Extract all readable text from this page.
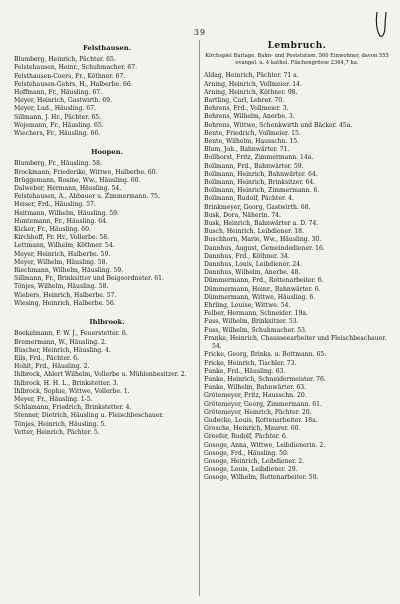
39
Felsthausen.
Blumberg, Heinrich, Pächter. 65.
Felstehausen, Heinr., Schuhmacher. 67.
Felsthausen-Coers, Fr., Köthner. 67.
Felstehausen-Gehrs, H., Halberbe. 66.
Hoffmann, Fr., Häusling. 67.
Meyer, Heinrich, Gastwirth. 69.
Meyer, Lud., Häusling. 67.
Sillmann, J. Hr., Pächter. 65.
Wojemann, Fr., Häusling. 65.
Wiechers, Fr., Häusling. 66.
Hoopen.
Blumberg, Fr., Häusling. 58.
Brockmann, Friederike, Wittwe, Halberbe. 60.
Brüggemann, Rosine, Ww., Häusling. 60.
Dalweber, Hermann, Häusling. 54.
Felstehausen, A., Abbauer u. Zimmermann. 75.
Heiser, Frd., Häusling. 57.
Heitmann, Wilhelm, Häusling. 59.
Huntemann, Fr., Häusling. 64.
Kicker, Fr., Häusling. 60.
Kirchhoff, Fr. Hr., Vollerbe. 58.
Lettmann, Wilhelm, Köthner. 54.
Meyer, Heinrich, Halberbe. 59.
Meyer, Wilhelm, Häusling. 58.
Riechmann, Wilhelm, Häusling. 59.
Sillmann, Fr., Brinksitter und Beigeordneter. 61.
Tönjes, Wilhelm, Häusling. 58.
Wiebers, Heinrich, Halberbe. 57.
Wiesing, Heinrich, Halberbe. 56.
Ihlbrook.
Boekelmann, F. W. J., Feuerstetter. 6.
Bremermann, W., Häusling. 2.
Büscher, Heinrich, Häusling. 4.
Eils, Frd., Pächter. 6.
Hohlt, Frd., Häusling. 2.
Ihlbrock, Ahlert Wilhelm, Vollerbe u. Mühlenbesitzer. 2.
Ihlbrock, H. H. L., Brinkstetter. 3.
Ihlbrock, Sophie, Wittwe, Vollerbe. 1.
Meyer, Fr., Häusling. 1-5.
Schlamann, Friedrich, Brinkstetter. 4.
Stenner, Dietrich, Häusling u. Fleischbeschauer.
Tönjes, Heinrich, Häusling. 5.
Vetter, Heinrich, Pächter. 5.
Lembruch.
Kirchspiel Burlage. Bahn- und Poststation. 560 Einwohner, davon 555 evangel. u. 4 kathol. Flächengrösse 2364,7 ha.
Aldag, Heinrich, Pächter. 71 a.
Arning, Heinrich, Vollmeier. 14.
Arning, Heinrich, Köthner. 98.
Bartling, Carl, Lehrer. 70.
Behrens, Frd., Vollmeier. 3.
Behrens, Wilhelm, Anerbe. 3.
Behrens, Wittwe, Schenkwirth und Bäcker. 45a.
Bente, Friedrich, Vollmeier. 15.
Bente, Wilhelm, Hausschn. 15.
Blum, Joh., Bahnwärter. 71.
Bollhorst, Fritz, Zimmermann. 14a.
Bollmann, Frd., Bahnwärter. 59.
Bollmann, Heinrich, Bahnwärter. 64.
Bollmann, Heinrich, Brinksitzer. 64.
Bollmann, Heinrich, Zimmermann. 6.
Bollmann, Rudolf, Pächter. 4.
Brinkmeyer, Georg, Gastwirth. 68.
Busk, Dora, Näherin. 74.
Busk, Heinrich, Bahnwärter a. D. 74.
Busch, Heinrich, Leibdiener. 18.
Buschhorn, Marie, Ww., Häusling. 30.
Dannhus, August, Gemeindediener. 16.
Dannhus, Frd., Köthner. 34.
Dannhus, Louis, Leibdiener. 24.
Dannhus, Wilhelm, Anerbe. 48.
Dümmermann, Frd., Rottenarbeiter. 6.
Dümmermann, Heinr., Bahnwärter. 6.
Dümmermann, Wittwe, Häusling. 6.
Ehrling, Louise, Wittwe. 54.
Felber, Hermann, Schneider. 19a.
Fuss, Wilhelm, Brinksitzer. 53.
Fuss, Wilhelm, Schuhmacher. 53.
Franke, Heinrich, Chausseearbeiter und Fleischbeschauer. 54.
Fricke, Georg, Brinks. u. Bottmann. 65.
Fricke, Heinrich, Tischler. 73.
Funke, Frd., Häusling. 63.
Funke, Heinrich, Schneidermeister. 76.
Funke, Wilhelm, Bahnwärter. 63.
Grötemeyer, Fritz, Hausschn. 20.
Grötemeyer, Georg, Zimmermann. 61.
Grötemeyer, Heinrich, Pächter. 20.
Gudecke, Louis, Rottenarbeiter. 18a.
Grosche, Heinrich, Maurer. 60.
Greefer, Rudolf, Pächter. 6.
Gosoge, Anna, Wittwe, Leibdienerin. 2.
Gosoge, Frd., Häusling. 50.
Gosoge, Heinrich, Leibdiener. 2.
Gosoge, Louis, Leibdiener. 29.
Gosoge, Wilhelm, Rottenarbeiter. 50.
